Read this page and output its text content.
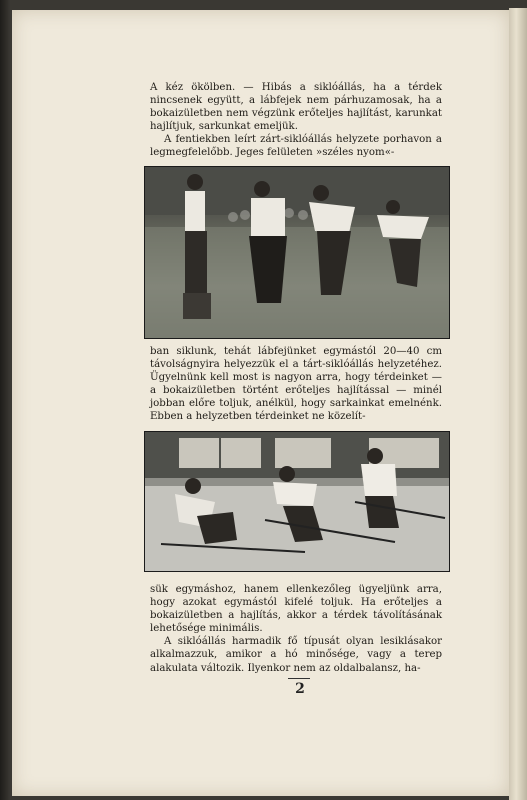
A kéz ökölben. — Hibás a siklóállás, ha a térdek nincsenek együtt, a lábfejek nem párhuzamosak, ha a bokaizületben nem végzünk erőteljes hajlítást, karunkat hajlítjuk, sarkunkat emeljük.

A fentiekben leírt zárt-siklóállás helyzete porhavon a legmegfelelőbb. Jeges felületen »széles nyom«-

ban siklunk, tehát lábfejünket egymástól 20—40 cm távolságnyira helyezzük el a tárt-siklóállás helyzetéhez. Ügyelnünk kell most is nagyon arra, hogy térdeinket — a bokaizületben történt erőteljes hajlítással — minél jobban előre toljuk, anélkül, hogy sarkainkat emelnénk. Ebben a helyzetben térdeinket ne közelít-

sük egymáshoz, hanem ellenkezőleg ügyeljünk arra, hogy azokat egymástól kifelé toljuk. Ha erőteljes a bokaizületben a hajlítás, akkor a térdek távolításának lehetősége minimális.

A siklóállás harmadik fő típusát olyan lesiklásakor alkalmazzuk, amikor a hó minősége, vagy a terep alakulata változik. Ilyenkor nem az oldalbalansz, ha-

2
